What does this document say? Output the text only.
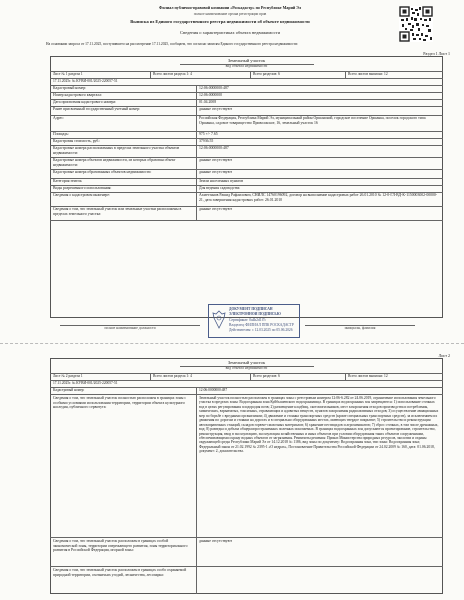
Филиал публично-правовой компании «Роскадастр» по Республике Марий Эл
полное наименование органа регистрации прав
Выписка из Единого государственного реестра недвижимости об объекте недвижимости
Сведения о характеристиках объекта недвижимости
На основании запроса от 17.11.2025, поступившего на рассмотрение 17.11.2025, сообщаем, что согласно записям Единого государственного реестра недвижимости:
Раздел 1 Лист 1
Земельный участок
вид объекта недвижимости
Лист № 1 раздела 1	Всего листов раздела 1: 4	Всего разделов: 6	Всего листов выписки: 12
17.11.2025г. № КУВИ-001/2025-220057-51
Кадастровый номер:	12:06:0000000:487
Номер кадастрового квартала:	12:06:0000000
Дата присвоения кадастрового номера:	01.04.2008
Ранее присвоенный государственный учетный номер:	данные отсутствуют
Адрес:	Российская Федерация, Республика Марий Эл, муниципальный район Оршанский, городское поселение Оршанка, поселок городского типа Оршанка, садовое товарищество Приволжское, 16, земельный участок 16
Площадь:	975 +/- 7.65
Кадастровая стоимость, руб.:	37936.55
Кадастровые номера расположенных в пределах земельного участка объектов недвижимости:
12:06:0000000:487
Кадастровые номера объектов недвижимости, из которых образован объект недвижимости:
данные отсутствуют
Кадастровые номера образованных объектов недвижимости:	данные отсутствуют
Категория земель:	Земли населенных пунктов
Виды разрешенного использования:	Для ведения садоводства
Сведения о кадастровом инженере:	Ахметзянов Рашид Рафаилович, СНИЛС 14760196092, договор на выполнение кадастровых работ 26.01.2010 № 12-0-ГЛ-ВД-К-1150003002-00000-21, дата завершения кадастровых работ: 26.01.2010
Сведения о том, что земельный участок или земельные участки расположены в пределах земельного участка:
данные отсутствуют
полное наименование должности	инициалы, фамилия
ДОКУМЕНТ ПОДПИСАН
ЭЛЕКТРОННОЙ ПОДПИСЬЮ
Сертификат: 0a4b2d1f7c
Владелец: ФИЛИАЛ ППК РОСКАДАСТР
Действителен: с 12.03.2025 по 05.06.2026
Лист 2
Земельный участок
вид объекта недвижимости
Лист № 2 раздела 1	Всего листов раздела 1: 4	Всего разделов: 6	Всего листов выписки: 12
17.11.2025г. № КУВИ-001/2025-220057-51
Кадастровый номер:	12:06:0000000:487
Сведения о том, что земельный участок полностью расположен в границах зоны с особыми условиями использования территории, территории объекта культурного наследия, публичного сервитута:
Земельный участок полностью расположен в границах зоны с реестровым номером 12:06-6.282 от 24.06.2019, ограничение использования земельного участка в пределах зоны: Водоохранная зона Куйбышевского водохранилища. В границах водоохранных зон запрещаются: 1) использование сточных вод в целях регулирования плодородия почв; 2) размещение кладбищ, скотомогильников, мест захоронения отходов производства и потребления, химических, взрывчатых, токсичных, отравляющих и ядовитых веществ, пунктов захоронения радиоактивных отходов; 3) осуществление авиационных мер по борьбе с вредными организмами; 4) движение и стоянка транспортных средств (кроме специальных транспортных средств), за исключением их движения по дорогам и стоянки на дорогах и в специально оборудованных местах, имеющих твердое покрытие; 5) строительство и реконструкция автозаправочных станций, складов горюче-смазочных материалов; 6) хранение пестицидов и агрохимикатов; 7) сброс сточных, в том числе дренажных, вод; 8) разведка и добыча общераспространенных полезных ископаемых. В границах водоохранных зон допускаются проектирование, строительство, реконструкция, ввод в эксплуатацию, эксплуатация хозяйственных и иных объектов при условии оборудования таких объектов сооружениями, обеспечивающими охрану водных объектов от загрязнения. Реквизиты решения: Приказ Министерства природных ресурсов, экологии и охраны окружающей среды Республики Марий Эл от 14.12.2018 № 1186, вид зоны по документу: Водоохранная зона, тип зоны: Водоохранная зона; Федеральный закон от 21.02.1992 № 2395-1 «О недрах», Постановление Правительства Российской Федерации от 24.02.2009 № 160, дата: 01.06.2018, документ: 2, доказательства.
Сведения о том, что земельный участок расположен в границах особой экономической зоны, территории опережающего развития, зоны территориального развития в Российской Федерации, игорной зоны:
данные отсутствуют
Сведения о том, что земельный участок расположен в границах особо охраняемой природной территории, охотничьих угодий, лесничества, лесопарка:
